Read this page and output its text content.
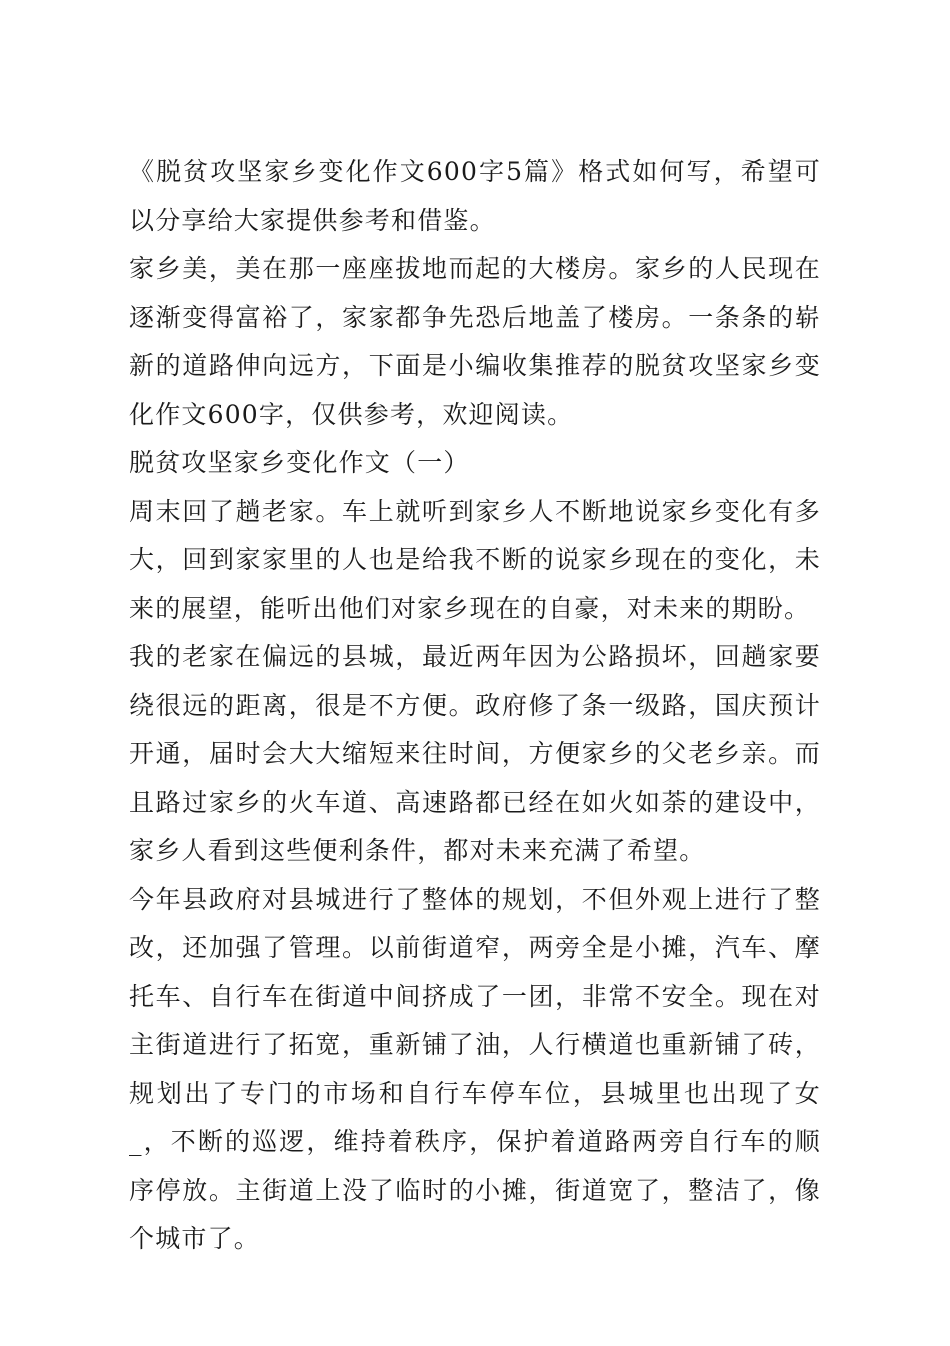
《脱贫攻坚家乡变化作文600字5篇》格式如何写，希望可以分享给大家提供参考和借鉴。

家乡美，美在那一座座拔地而起的大楼房。家乡的人民现在逐渐变得富裕了，家家都争先恐后地盖了楼房。一条条的崭新的道路伸向远方，下面是小编收集推荐的脱贫攻坚家乡变化作文600字，仅供参考，欢迎阅读。

脱贫攻坚家乡变化作文（一）

周末回了趟老家。车上就听到家乡人不断地说家乡变化有多大，回到家家里的人也是给我不断的说家乡现在的变化，未来的展望，能听出他们对家乡现在的自豪，对未来的期盼。

我的老家在偏远的县城，最近两年因为公路损坏，回趟家要绕很远的距离，很是不方便。政府修了条一级路，国庆预计开通，届时会大大缩短来往时间，方便家乡的父老乡亲。而且路过家乡的火车道、高速路都已经在如火如荼的建设中，家乡人看到这些便利条件，都对未来充满了希望。

今年县政府对县城进行了整体的规划，不但外观上进行了整改，还加强了管理。以前街道窄，两旁全是小摊，汽车、摩托车、自行车在街道中间挤成了一团，非常不安全。现在对主街道进行了拓宽，重新铺了油，人行横道也重新铺了砖，规划出了专门的市场和自行车停车位，县城里也出现了女_，不断的巡逻，维持着秩序，保护着道路两旁自行车的顺序停放。主街道上没了临时的小摊，街道宽了，整洁了，像个城市了。
